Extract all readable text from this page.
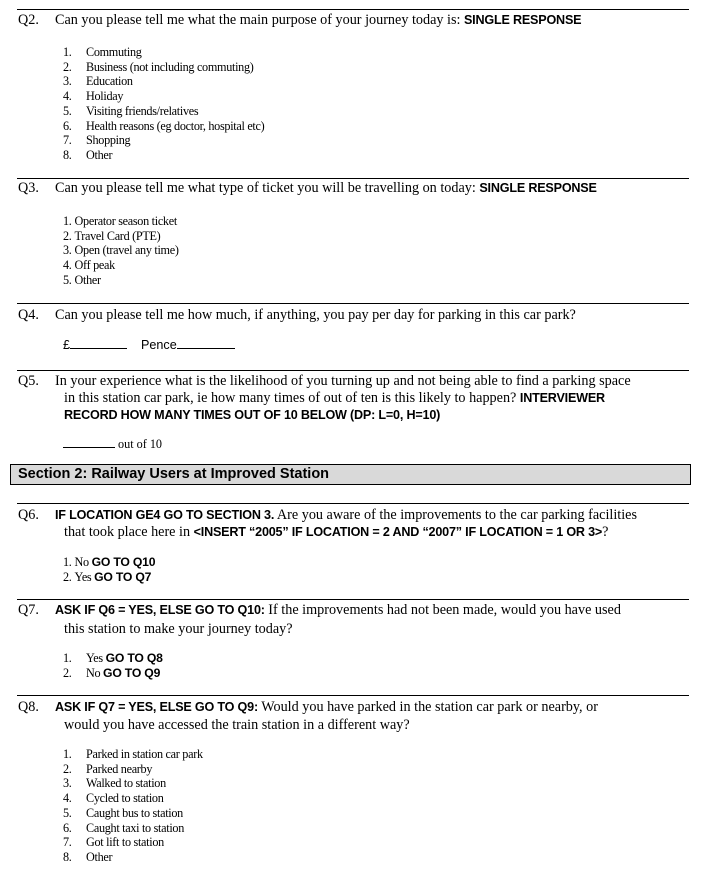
Q2. Can you please tell me what the main purpose of your journey today is: SINGLE RESPONSE
1. Commuting
2. Business (not including commuting)
3. Education
4. Holiday
5. Visiting friends/relatives
6. Health reasons (eg doctor, hospital etc)
7. Shopping
8. Other
Q3. Can you please tell me what type of ticket you will be travelling on today: SINGLE RESPONSE
1. Operator season ticket
2. Travel Card (PTE)
3. Open (travel any time)
4. Off peak
5. Other
Q4. Can you please tell me how much, if anything, you pay per day for parking in this car park?
£	Pence
Q5. In your experience what is the likelihood of you turning up and not being able to find a parking space
in this station car park, ie how many times of out of ten is this likely to happen? INTERVIEWER
RECORD HOW MANY TIMES OUT OF 10 BELOW (DP: L=0, H=10)
out of 10
Section 2: Railway Users at Improved Station
Q6. IF LOCATION GE4 GO TO SECTION 3. Are you aware of the improvements to the car parking facilities
that took place here in <INSERT “2005” IF LOCATION = 2 AND “2007” IF LOCATION = 1 OR 3>?
1. No GO TO Q10
2. Yes GO TO Q7
Q7. ASK IF Q6 = YES, ELSE GO TO Q10: If the improvements had not been made, would you have used
this station to make your journey today?
1. Yes GO TO Q8
2. No GO TO Q9
Q8. ASK IF Q7 = YES, ELSE GO TO Q9: Would you have parked in the station car park or nearby, or
would you have accessed the train station in a different way?
1. Parked in station car park
2. Parked nearby
3. Walked to station
4. Cycled to station
5. Caught bus to station
6. Caught taxi to station
7. Got lift to station
8. Other
